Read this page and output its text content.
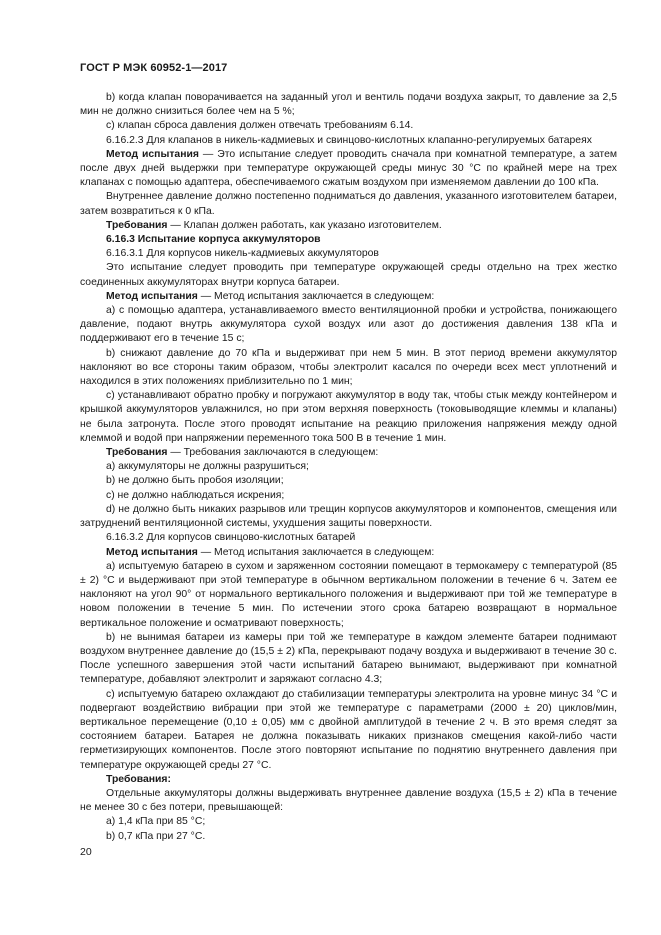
ГОСТ Р МЭК 60952-1—2017

b) когда клапан поворачивается на заданный угол и вентиль подачи воздуха закрыт, то давление за 2,5 мин не должно снизиться более чем на 5 %;

c) клапан сброса давления должен отвечать требованиям 6.14.

6.16.2.3 Для клапанов в никель-кадмиевых и свинцово-кислотных клапанно-регулируемых батареях

Метод испытания — Это испытание следует проводить сначала при комнатной температуре, а затем после двух дней выдержки при температуре окружающей среды минус 30 °C по крайней мере на трех клапанах с помощью адаптера, обеспечиваемого сжатым воздухом при изменяемом давлении до 100 кПа.

Внутреннее давление должно постепенно подниматься до давления, указанного изготовителем батареи, затем возвратиться к 0 кПа.

Требования — Клапан должен работать, как указано изготовителем.

6.16.3 Испытание корпуса аккумуляторов

6.16.3.1 Для корпусов никель-кадмиевых аккумуляторов

Это испытание следует проводить при температуре окружающей среды отдельно на трех жестко соединенных аккумуляторах внутри корпуса батареи.

Метод испытания — Метод испытания заключается в следующем:

a) с помощью адаптера, устанавливаемого вместо вентиляционной пробки и устройства, понижающего давление, подают внутрь аккумулятора сухой воздух или азот до достижения давления 138 кПа и поддерживают его в течение 15 с;

b) снижают давление до 70 кПа и выдерживат при нем 5 мин. В этот период времени аккумулятор наклоняют во все стороны таким образом, чтобы электролит касался по очереди всех мест уплотнений и находился в этих положениях приблизительно по 1 мин;

c) устанавливают обратно пробку и погружают аккумулятор в воду так, чтобы стык между контейнером и крышкой аккумуляторов увлажнился, но при этом верхняя поверхность (токовыводящие клеммы и клапаны) не была затронута. После этого проводят испытание на реакцию приложения напряжения между одной клеммой и водой при напряжении переменного тока 500 В в течение 1 мин.

Требования — Требования заключаются в следующем:

a) аккумуляторы не должны разрушиться;

b) не должно быть пробоя изоляции;

c) не должно наблюдаться искрения;

d) не должно быть никаких разрывов или трещин корпусов аккумуляторов и компонентов, смещения или затруднений вентиляционной системы, ухудшения защиты поверхности.

6.16.3.2 Для корпусов свинцово-кислотных батарей

Метод испытания — Метод испытания заключается в следующем:

a) испытуемую батарею в сухом и заряженном состоянии помещают в термокамеру с температурой (85 ± 2) °C и выдерживают при этой температуре в обычном вертикальном положении в течение 6 ч. Затем ее наклоняют на угол 90° от нормального вертикального положения и выдерживают при той же температуре в новом положении в течение 5 мин. По истечении этого срока батарею возвращают в нормальное вертикальное положение и осматривают поверхность;

b) не вынимая батареи из камеры при той же температуре в каждом элементе батареи поднимают воздухом внутреннее давление до (15,5 ± 2) кПа, перекрывают подачу воздуха и выдерживают в течение 30 с. После успешного завершения этой части испытаний батарею вынимают, выдерживают при комнатной температуре, добавляют электролит и заряжают согласно 4.3;

c) испытуемую батарею охлаждают до стабилизации температуры электролита на уровне минус 34 °C и подвергают воздействию вибрации при этой же температуре с параметрами (2000 ± 20) циклов/мин, вертикальное перемещение (0,10 ± 0,05) мм с двойной амплитудой в течение 2 ч. В это время следят за состоянием батареи. Батарея не должна показывать никаких признаков смещения какой-либо части герметизирующих компонентов. После этого повторяют испытание по поднятию внутреннего давления при температуре окружающей среды 27 °C.

Требования:

Отдельные аккумуляторы должны выдерживать внутреннее давление воздуха (15,5 ± 2) кПа в течение не менее 30 с без потери, превышающей:

a) 1,4 кПа при 85 °C;

b) 0,7 кПа при 27 °C.

20
